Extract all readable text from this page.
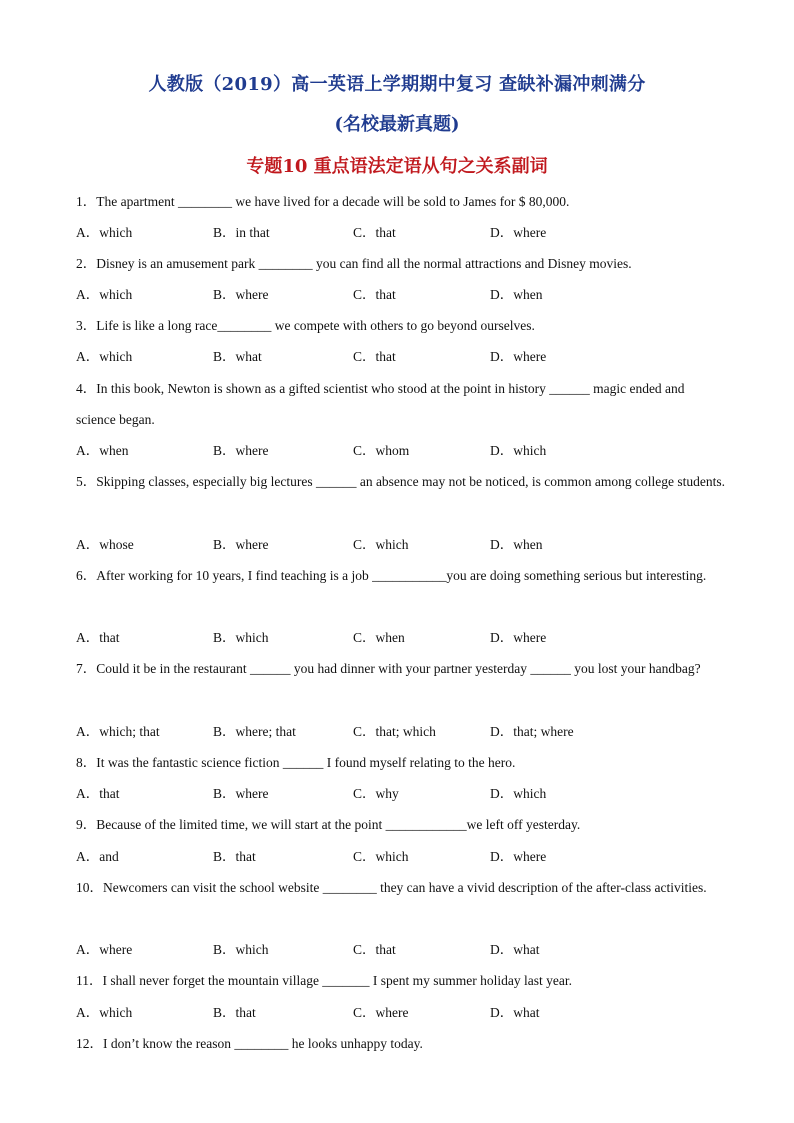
人教版（2019）高一英语上学期期中复习 查缺补漏冲刺满分
(名校最新真题)
专题10 重点语法定语从句之关系副词

1．The apartment ________ we have lived for a decade will be sold to James for $ 80,000.

A．which	B．in that	C．that	D．where

2．Disney is an amusement park ________ you can find all the normal attractions and Disney movies.

A．which	B．where	C．that	D．when

3．Life is like a long race________ we compete with others to go beyond ourselves.

A．which	B．what	C．that	D．where

4．In this book, Newton is shown as a gifted scientist who stood at the point in history ______ magic ended and science began.

A．when	B．where	C．whom	D．which

5．Skipping classes, especially big lectures ______ an absence may not be noticed, is common among college students.

A．whose	B．where	C．which	D．when

6．After working for 10 years, I find teaching is a job ___________you are doing something serious but interesting.

A．that	B．which	C．when	D．where

7．Could it be in the restaurant ______ you had dinner with your partner yesterday ______ you lost your handbag?

A．which; that	B．where; that	C．that; which	D．that; where

8．It was the fantastic science fiction ______ I found myself relating to the hero.

A．that	B．where	C．why	D．which

9．Because of the limited time, we will start at the point ____________we left off yesterday.

A．and	B．that	C．which	D．where

10．Newcomers can visit the school website ________ they can have a vivid description of the after-class activities.

A．where	B．which	C．that	D．what

11．I shall never forget the mountain village _______ I spent my summer holiday last year.

A．which	B．that	C．where	D．what

12．I don’t know the reason ________ he looks unhappy today.
